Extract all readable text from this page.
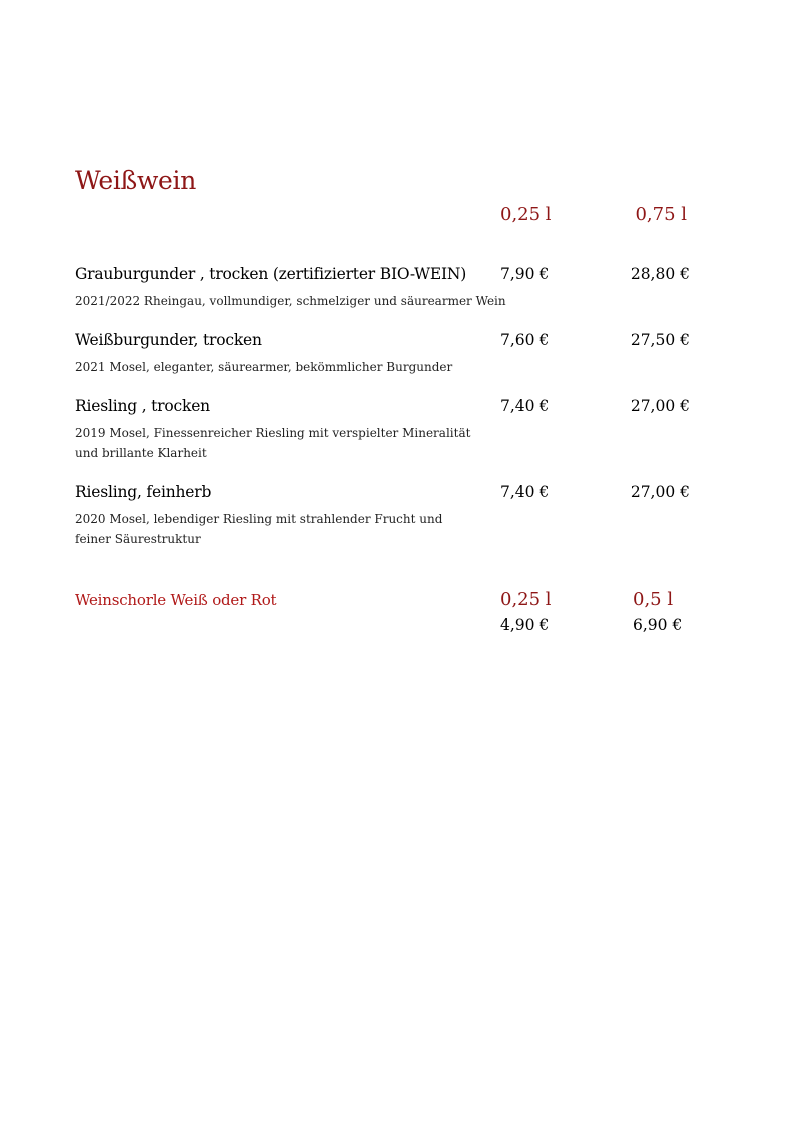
Weißwein
0,25 l	0,75 l
Grauburgunder , trocken (zertifizierter BIO-WEIN)
2021/2022 Rheingau, vollmundiger, schmelziger und säurearmer Wein
7,90 €	28,80 €
Weißburgunder, trocken
2021 Mosel, eleganter, säurearmer, bekömmlicher Burgunder
7,60 €	27,50 €
Riesling , trocken
2019 Mosel, Finessenreicher Riesling mit verspielter Mineralität
und brillante Klarheit
7,40 €	27,00 €
Riesling, feinherb
2020 Mosel, lebendiger Riesling mit strahlender Frucht und
feiner Säurestruktur
7,40 €	27,00 €
Weinschorle Weiß oder Rot	0,25 l	0,5 l
4,90 €	6,90 €
